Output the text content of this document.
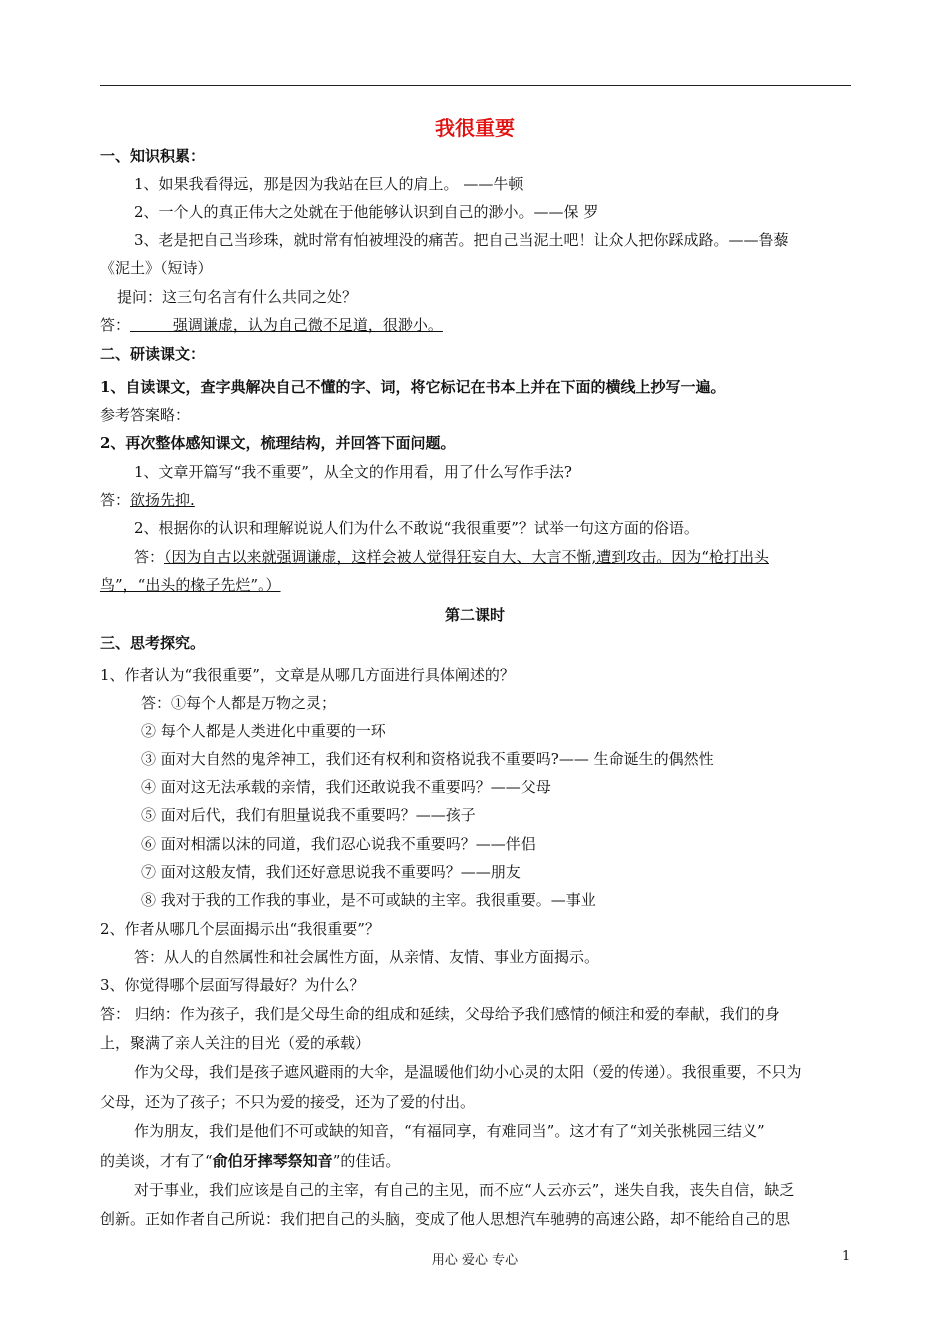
我很重要
一、知识积累：
1、如果我看得远，那是因为我站在巨人的肩上。 ——牛顿
2、一个人的真正伟大之处就在于他能够认识到自己的渺小。——保 罗
3、老是把自己当珍珠，就时常有怕被埋没的痛苦。把自己当泥土吧！让众人把你踩成路。——鲁藜
《泥土》（短诗）
提问：这三句名言有什么共同之处？
答：         强调谦虚，认为自己微不足道，很渺小。
二、研读课文：
1、自读课文，查字典解决自己不懂的字、词，将它标记在书本上并在下面的横线上抄写一遍。
参考答案略：
2、再次整体感知课文，梳理结构，并回答下面问题。
1、文章开篇写“我不重要”，从全文的作用看，用了什么写作手法?
答：欲扬先抑.
2、根据你的认识和理解说说人们为什么不敢说“我很重要”？试举一句这方面的俗语。
答：（因为自古以来就强调谦虚，这样会被人觉得狂妄自大、大言不惭,遭到攻击。因为“枪打出头
鸟”，“出头的椽子先烂”。）
第二课时
三、思考探究。
1、作者认为“我很重要”，文章是从哪几方面进行具体阐述的？
答：①每个人都是万物之灵；
② 每个人都是人类进化中重要的一环
③ 面对大自然的鬼斧神工，我们还有权利和资格说我不重要吗?—— 生命诞生的偶然性
④ 面对这无法承载的亲情，我们还敢说我不重要吗？——父母
⑤ 面对后代，我们有胆量说我不重要吗？——孩子
⑥ 面对相濡以沫的同道，我们忍心说我不重要吗？——伴侣
⑦ 面对这般友情，我们还好意思说我不重要吗？——朋友
⑧ 我对于我的工作我的事业，是不可或缺的主宰。我很重要。—事业
2、作者从哪几个层面揭示出“我很重要”？
答：从人的自然属性和社会属性方面，从亲情、友情、事业方面揭示。
3、你觉得哪个层面写得最好？为什么？
答： 归纳：作为孩子，我们是父母生命的组成和延续，父母给予我们感情的倾注和爱的奉献，我们的身
上，聚满了亲人关注的目光（爱的承载）
作为父母，我们是孩子遮风避雨的大伞，是温暖他们幼小心灵的太阳（爱的传递）。我很重要，不只为
父母，还为了孩子；不只为爱的接受，还为了爱的付出。
作为朋友，我们是他们不可或缺的知音，“有福同享，有难同当”。这才有了“刘关张桃园三结义”
的美谈，才有了“俞伯牙摔琴祭知音”的佳话。
对于事业，我们应该是自己的主宰，有自己的主见，而不应“人云亦云”，迷失自我，丧失自信，缺乏
创新。正如作者自己所说：我们把自己的头脑，变成了他人思想汽车驰骋的高速公路，却不能给自己的思
用心 爱心 专心	1
